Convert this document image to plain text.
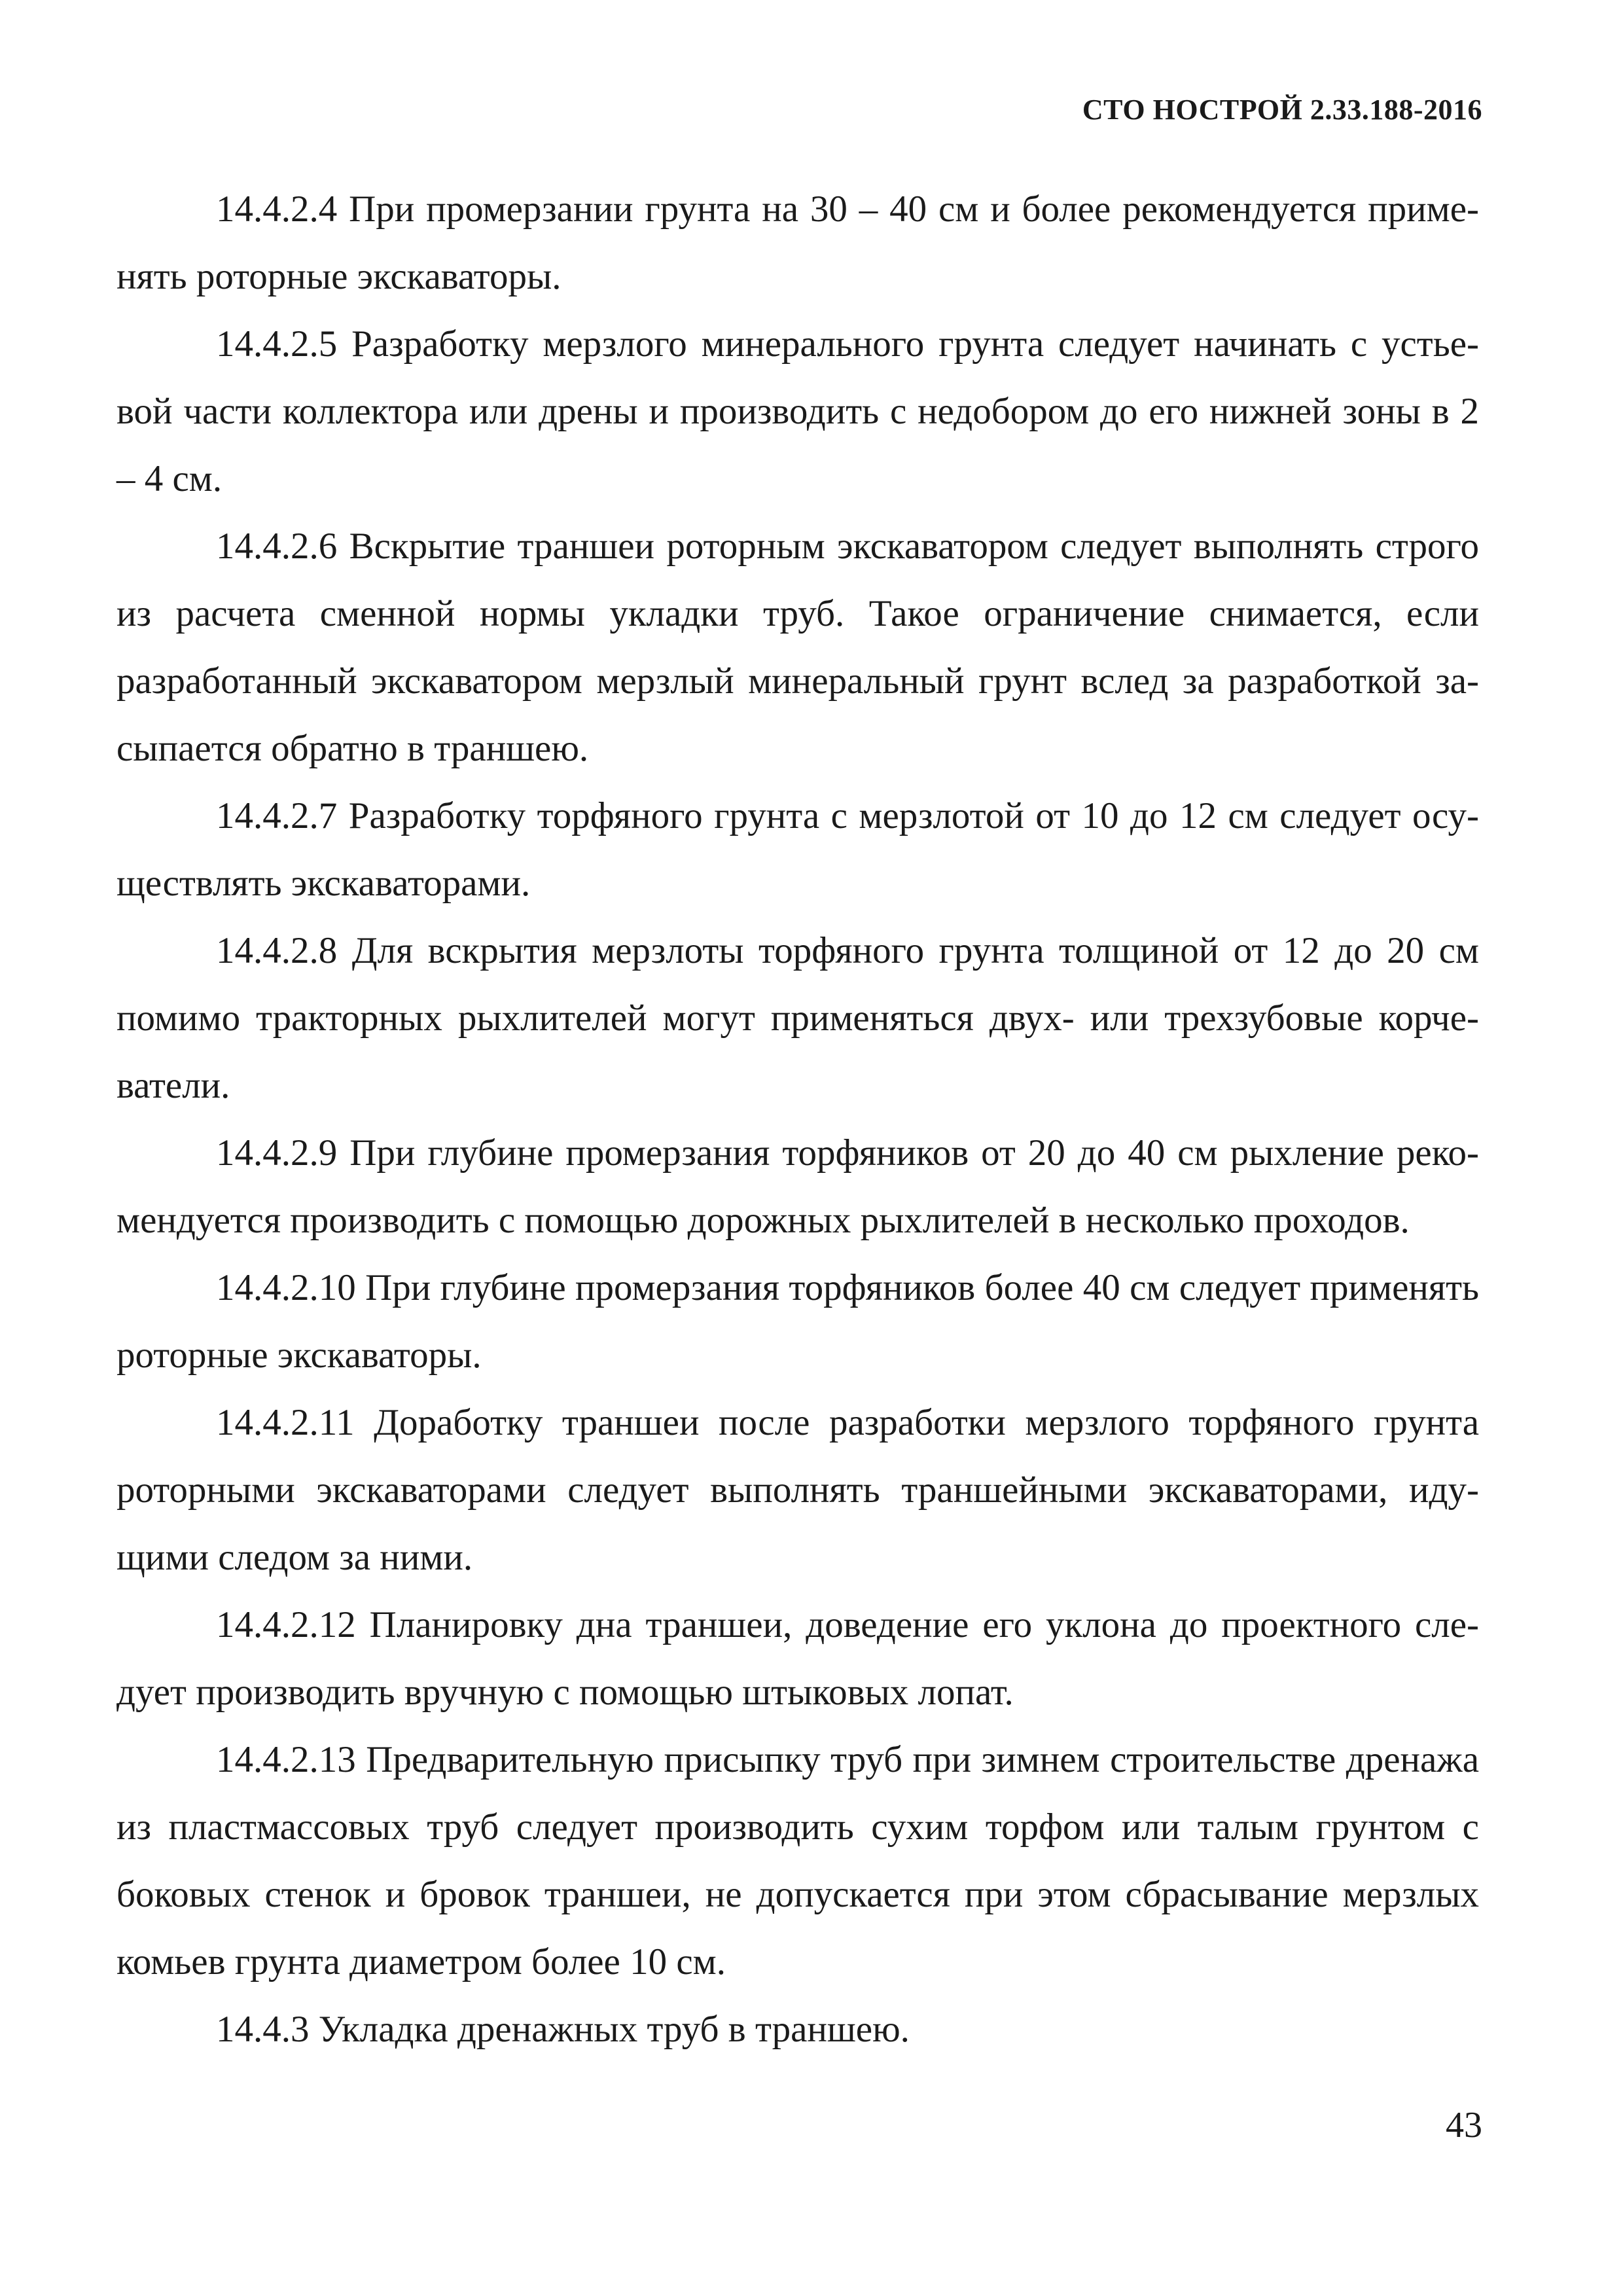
СТО НОСТРОЙ 2.33.188-2016

14.4.2.4 При промерзании грунта на 30 – 40 см и более рекомендуется применять роторные экскаваторы.

14.4.2.5 Разработку мерзлого минерального грунта следует начинать с устьевой части коллектора или дрены и производить с недобором до его нижней зоны в 2 – 4 см.

14.4.2.6 Вскрытие траншеи роторным экскаватором следует выполнять строго из расчета сменной нормы укладки труб. Такое ограничение снимается, если разработанный экскаватором мерзлый минеральный грунт вслед за разработкой засыпается обратно в траншею.

14.4.2.7 Разработку торфяного грунта с мерзлотой от 10 до 12 см следует осуществлять экскаваторами.

14.4.2.8 Для вскрытия мерзлоты торфяного грунта толщиной от 12 до 20 см помимо тракторных рыхлителей могут применяться двух- или трехзубовые корчеватели.

14.4.2.9 При глубине промерзания торфяников от 20 до 40 см рыхление рекомендуется производить с помощью дорожных рыхлителей в несколько проходов.

14.4.2.10 При глубине промерзания торфяников более 40 см следует применять роторные экскаваторы.

14.4.2.11 Доработку траншеи после разработки мерзлого торфяного грунта роторными экскаваторами следует выполнять траншейными экскаваторами, идущими следом за ними.

14.4.2.12 Планировку дна траншеи, доведение его уклона до проектного следует производить вручную с помощью штыковых лопат.

14.4.2.13 Предварительную присыпку труб при зимнем строительстве дренажа из пластмассовых труб следует производить сухим торфом или талым грунтом с боковых стенок и бровок траншеи, не допускается при этом сбрасывание мерзлых комьев грунта диаметром более 10 см.

14.4.3 Укладка дренажных труб в траншею.

43
